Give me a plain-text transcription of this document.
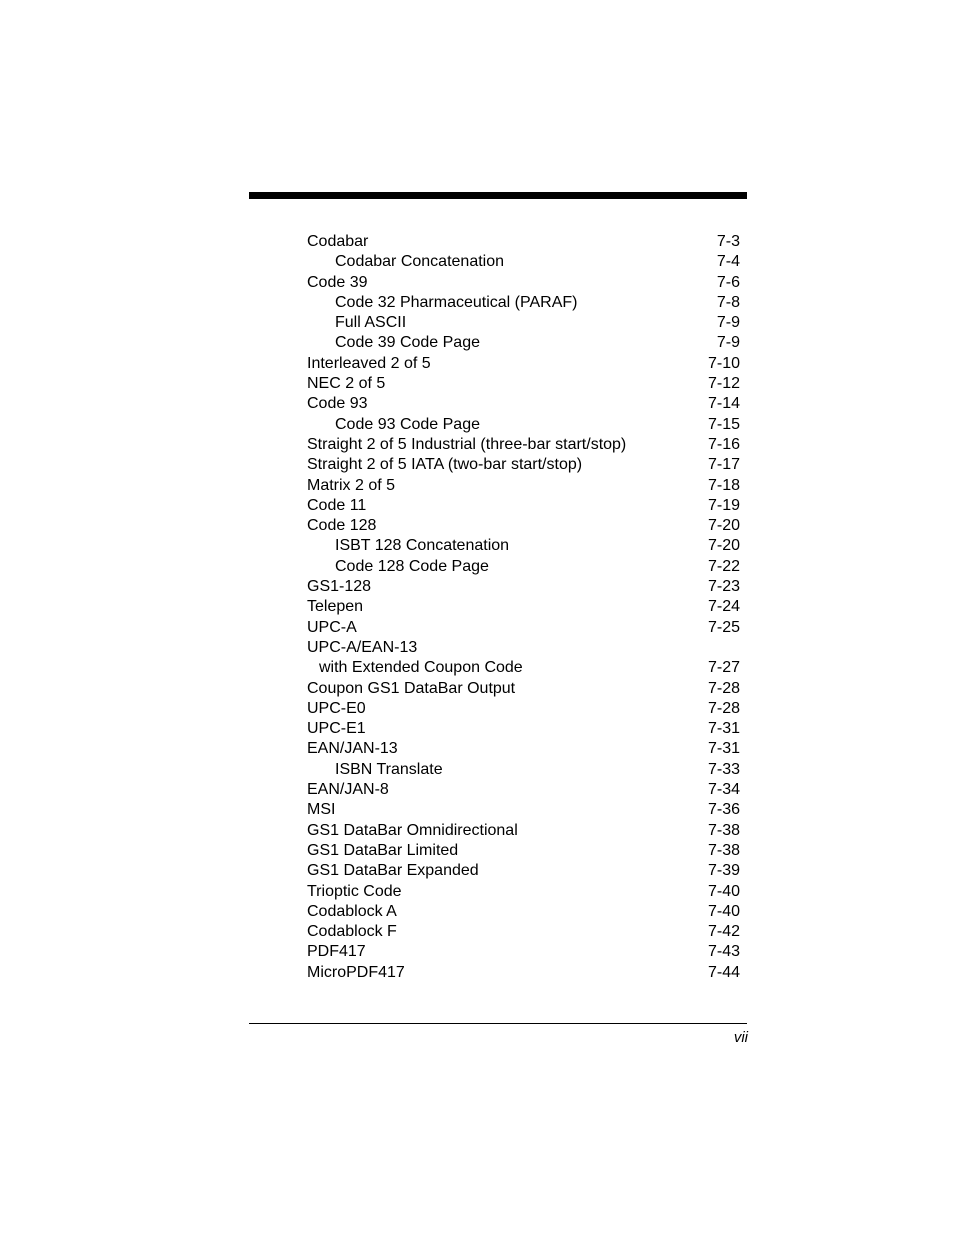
Codabar	7-3
Codabar Concatenation	7-4
Code 39	7-6
Code 32 Pharmaceutical (PARAF)	7-8
Full ASCII	7-9
Code 39 Code Page	7-9
Interleaved 2 of 5	7-10
NEC 2 of 5	7-12
Code 93	7-14
Code 93 Code Page	7-15
Straight 2 of 5 Industrial (three-bar start/stop)	7-16
Straight 2 of 5 IATA (two-bar start/stop)	7-17
Matrix 2 of 5	7-18
Code 11	7-19
Code 128	7-20
ISBT 128 Concatenation	7-20
Code 128 Code Page	7-22
GS1-128	7-23
Telepen	7-24
UPC-A	7-25
UPC-A/EAN-13
with Extended Coupon Code	7-27
Coupon GS1 DataBar Output	7-28
UPC-E0	7-28
UPC-E1	7-31
EAN/JAN-13	7-31
ISBN Translate	7-33
EAN/JAN-8	7-34
MSI	7-36
GS1 DataBar Omnidirectional	7-38
GS1 DataBar Limited	7-38
GS1 DataBar Expanded	7-39
Trioptic Code	7-40
Codablock A	7-40
Codablock F	7-42
PDF417	7-43
MicroPDF417	7-44
vii
